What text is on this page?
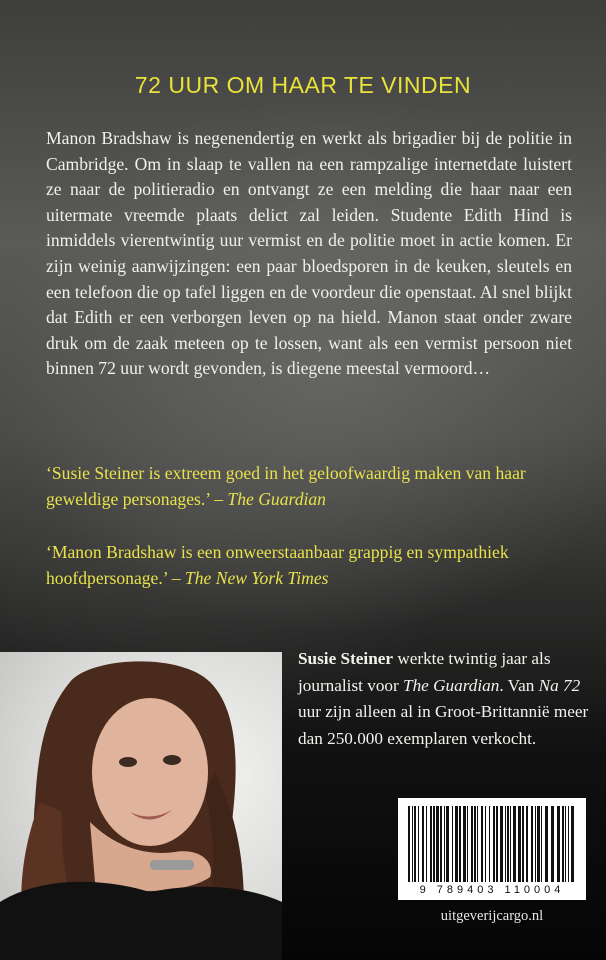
72 UUR OM HAAR TE VINDEN
Manon Bradshaw is negenendertig en werkt als brigadier bij de politie in Cambridge. Om in slaap te vallen na een rampzalige internetdate luistert ze naar de politieradio en ontvangt ze een melding die haar naar een uitermate vreemde plaats delict zal leiden. Studente Edith Hind is inmiddels vierentwintig uur vermist en de politie moet in actie komen. Er zijn weinig aanwijzingen: een paar bloedsporen in de keuken, sleutels en een telefoon die op tafel liggen en de voordeur die openstaat. Al snel blijkt dat Edith er een verborgen leven op na hield. Manon staat onder zware druk om de zaak meteen op te lossen, want als een vermist persoon niet binnen 72 uur wordt gevonden, is diegene meestal vermoord…
‘Susie Steiner is extreem goed in het geloofwaardig maken van haar geweldige personages.’ – The Guardian
‘Manon Bradshaw is een onweerstaanbaar grappig en sympathiek hoofdpersonage.’ – The New York Times
Susie Steiner werkte twintig jaar als journalist voor The Guardian. Van Na 72 uur zijn alleen al in Groot-Brittannië meer dan 250.000 exemplaren verkocht.
9 789403 110004
uitgeverijcargo.nl
